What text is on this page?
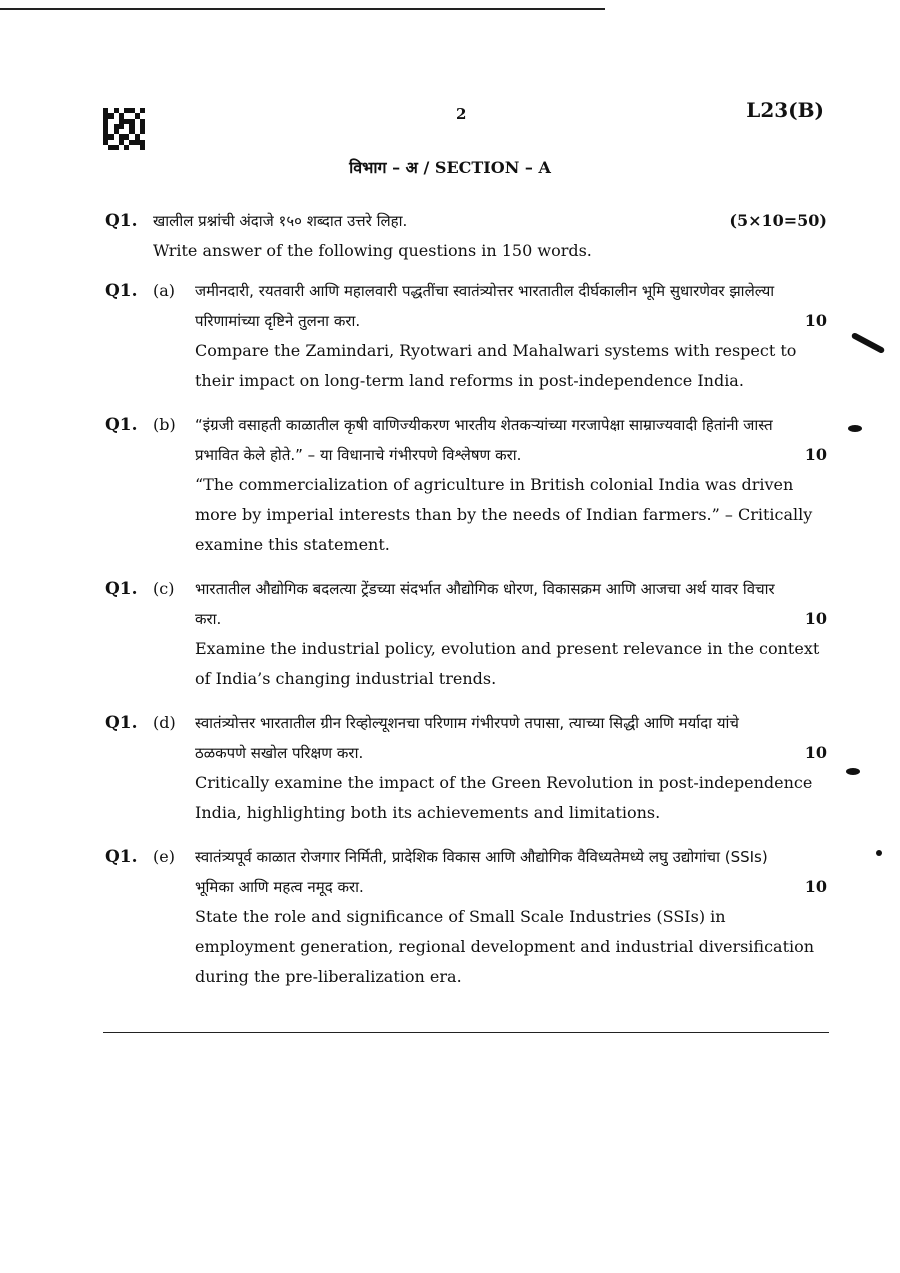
2	L23(B)
विभाग – अ / SECTION – A
Q1.	(5×10=50)
खालील प्रश्नांची अंदाजे १५० शब्दात उत्तरे लिहा.
Write answer of the following questions in 150 words.
Q1. (a) जमीनदारी, रयतवारी आणि महालवारी पद्धतींचा स्वातंत्र्योत्तर भारतातील दीर्घकालीन भूमि सुधारणेवर झालेल्या परिणामांच्या दृष्टिने तुलना करा.	10
Compare the Zamindari, Ryotwari and Mahalwari systems with respect to their impact on long-term land reforms in post-independence India.
Q1. (b) “इंग्रजी वसाहती काळातील कृषी वाणिज्यीकरण भारतीय शेतकऱ्यांच्या गरजापेक्षा साम्राज्यवादी हितांनी जास्त प्रभावित केले होते.” – या विधानाचे गंभीरपणे विश्लेषण करा.	10
“The commercialization of agriculture in British colonial India was driven more by imperial interests than by the needs of Indian farmers.” – Critically examine this statement.
Q1. (c) भारतातील औद्योगिक बदलत्या ट्रेंडच्या संदर्भात औद्योगिक धोरण, विकासक्रम आणि आजचा अर्थ यावर विचार करा.	10
Examine the industrial policy, evolution and present relevance in the context of India’s changing industrial trends.
Q1. (d) स्वातंत्र्योत्तर भारतातील ग्रीन रिव्होल्यूशनचा परिणाम गंभीरपणे तपासा, त्याच्या सिद्धी आणि मर्यादा यांचे ठळकपणे सखोल परिक्षण करा.	10
Critically examine the impact of the Green Revolution in post-independence India, highlighting both its achievements and limitations.
Q1. (e) स्वातंत्र्यपूर्व काळात रोजगार निर्मिती, प्रादेशिक विकास आणि औद्योगिक वैविध्यतेमध्ये लघु उद्योगांचा (SSIs) भूमिका आणि महत्व नमूद करा.	10
State the role and significance of Small Scale Industries (SSIs) in employment generation, regional development and industrial diversification during the pre-liberalization era.
